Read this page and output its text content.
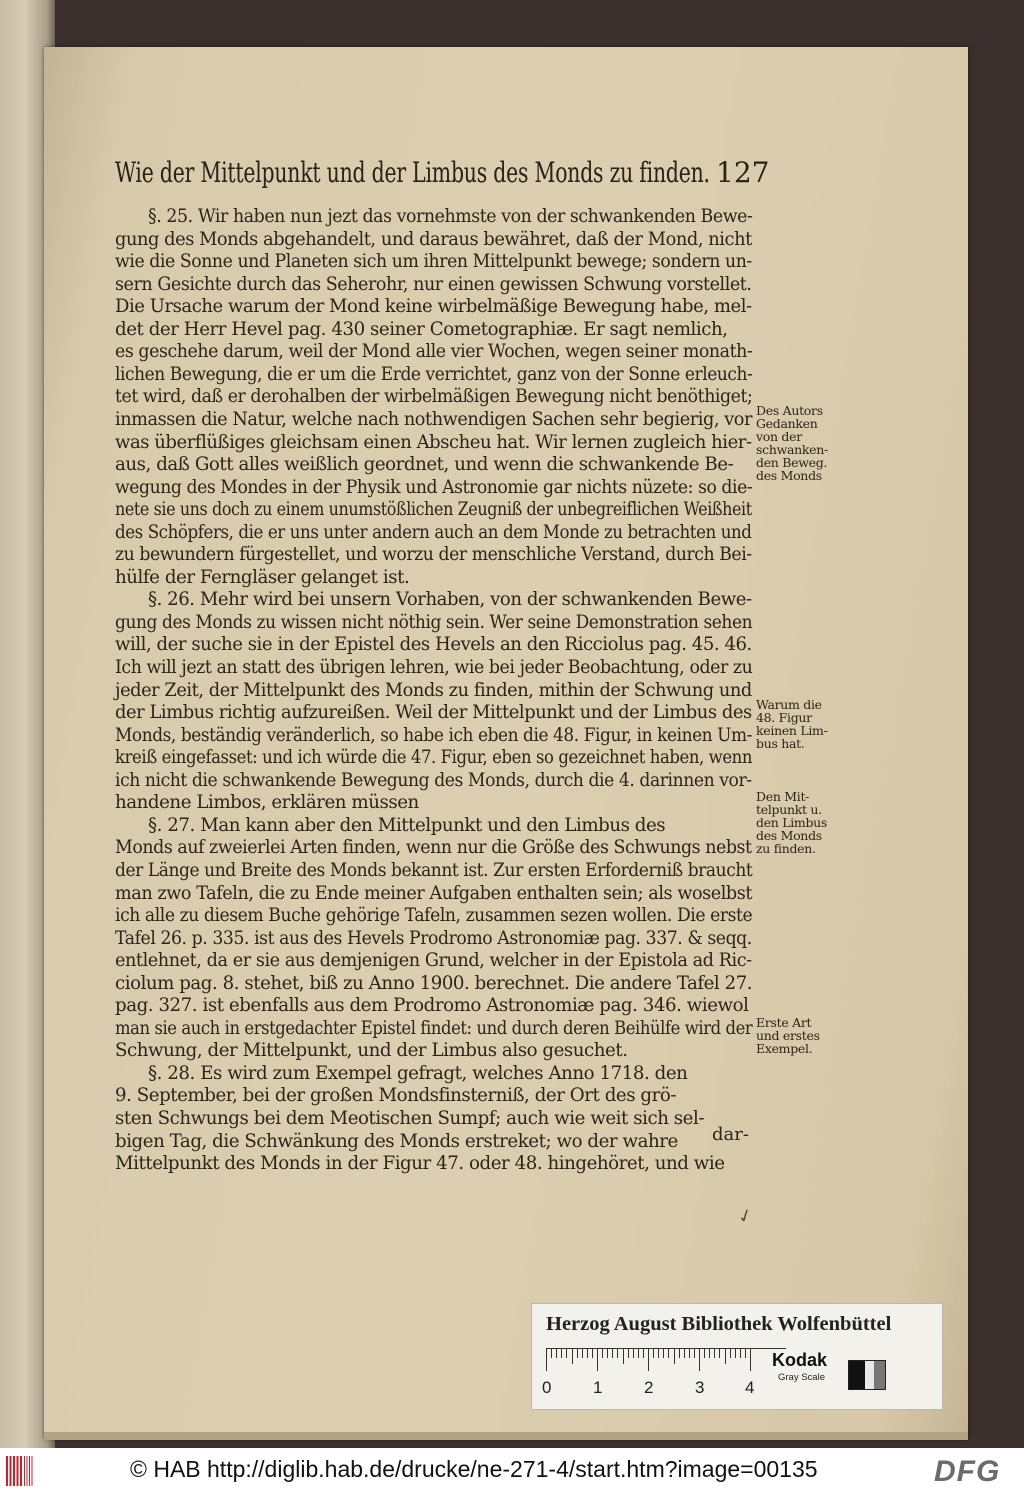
Wie der Mittelpunkt und der Limbus des Monds zu finden. 127
§. 25. Wir haben nun jezt das vornehmste von der schwankenden Bewe-
gung des Monds abgehandelt, und daraus bewähret, daß der Mond, nicht
wie die Sonne und Planeten sich um ihren Mittelpunkt bewege; sondern un-
sern Gesichte durch das Seherohr, nur einen gewissen Schwung vorstellet.
Die Ursache warum der Mond keine wirbelmäßige Bewegung habe, mel-
det der Herr Hevel pag. 430 seiner Cometographiæ. Er sagt nemlich,
es geschehe darum, weil der Mond alle vier Wochen, wegen seiner monath-
lichen Bewegung, die er um die Erde verrichtet, ganz von der Sonne erleuch-
tet wird, daß er derohalben der wirbelmäßigen Bewegung nicht benöthiget;
inmassen die Natur, welche nach nothwendigen Sachen sehr begierig, vor
was überflüßiges gleichsam einen Abscheu hat. Wir lernen zugleich hier-
aus, daß Gott alles weißlich geordnet, und wenn die schwankende Be-
wegung des Mondes in der Physik und Astronomie gar nichts nüzete: so die-
nete sie uns doch zu einem unumstößlichen Zeugniß der unbegreiflichen Weißheit
des Schöpfers, die er uns unter andern auch an dem Monde zu betrachten und
zu bewundern fürgestellet, und worzu der menschliche Verstand, durch Bei-
hülfe der Ferngläser gelanget ist.
§. 26. Mehr wird bei unsern Vorhaben, von der schwankenden Bewe-
gung des Monds zu wissen nicht nöthig sein. Wer seine Demonstration sehen
will, der suche sie in der Epistel des Hevels an den Ricciolus pag. 45. 46.
Ich will jezt an statt des übrigen lehren, wie bei jeder Beobachtung, oder zu
jeder Zeit, der Mittelpunkt des Monds zu finden, mithin der Schwung und
der Limbus richtig aufzureißen. Weil der Mittelpunkt und der Limbus des
Monds, beständig veränderlich, so habe ich eben die 48. Figur, in keinen Um-
kreiß eingefasset: und ich würde die 47. Figur, eben so gezeichnet haben, wenn
ich nicht die schwankende Bewegung des Monds, durch die 4. darinnen vor-
handene Limbos, erklären müssen
§. 27. Man kann aber den Mittelpunkt und den Limbus des
Monds auf zweierlei Arten finden, wenn nur die Größe des Schwungs nebst
der Länge und Breite des Monds bekannt ist. Zur ersten Erforderniß braucht
man zwo Tafeln, die zu Ende meiner Aufgaben enthalten sein; als woselbst
ich alle zu diesem Buche gehörige Tafeln, zusammen sezen wollen. Die erste
Tafel 26. p. 335. ist aus des Hevels Prodromo Astronomiæ pag. 337. & seqq.
entlehnet, da er sie aus demjenigen Grund, welcher in der Epistola ad Ric-
ciolum pag. 8. stehet, biß zu Anno 1900. berechnet. Die andere Tafel 27.
pag. 327. ist ebenfalls aus dem Prodromo Astronomiæ pag. 346. wiewol
man sie auch in erstgedachter Epistel findet: und durch deren Beihülfe wird der
Schwung, der Mittelpunkt, und der Limbus also gesuchet.
§. 28. Es wird zum Exempel gefragt, welches Anno 1718. den
9. September, bei der großen Mondsfinsterniß, der Ort des grö-
sten Schwungs bei dem Meotischen Sumpf; auch wie weit sich sel-
bigen Tag, die Schwänkung des Monds erstreket; wo der wahre
Mittelpunkt des Monds in der Figur 47. oder 48. hingehöret, und wie
Des Autors
Gedanken
von der
schwanken-
den Beweg.
des Monds
Warum die
48. Figur
keinen Lim-
bus hat.
Den Mit-
telpunkt u.
den Limbus
des Monds
zu finden.
Erste Art
und erstes
Exempel.
dar-
✓
Herzog August Bibliothek Wolfenbüttel
0 1 2 3 4
Kodak
Gray Scale
© HAB http://diglib.hab.de/drucke/ne-271-4/start.htm?image=00135	DFG
